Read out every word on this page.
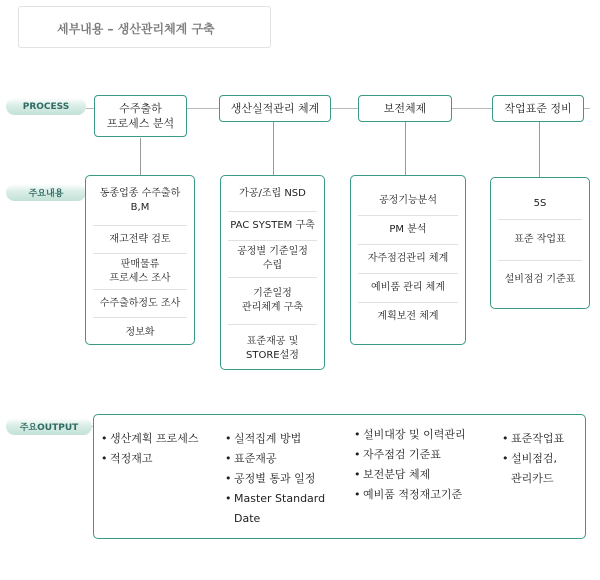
세부내용 – 생산관리체계 구축
PROCESS
주요내용
주요OUTPUT
수주출하
프로세스 분석
생산실적관리 체계	보전체제	작업표준 정비
동종업종 수주출하
B,M
재고전략 검토
판매물류
프로세스 조사
수주출하정도 조사
정보화
가공/조립 NSD
PAC SYSTEM 구축
공정별 기준일정
수립
기준일정
관리체계 구축
표준재공 및
STORE설정
공정기능분석
PM 분석
자주점검관리 체계
예비품 관리 체계
계획보전 체계
5S
표준 작업표
설비점검 기준표
• 생산계획 프로세스
• 적정재고
• 실적집계 방법
• 표준재공
• 공정별 통과 일정
• Master Standard
Date
• 설비대장 및 이력관리
• 자주점검 기준표
• 보전분담 체제
• 예비품 적정재고기준
• 표준작업표
• 설비점검,
관리카드
